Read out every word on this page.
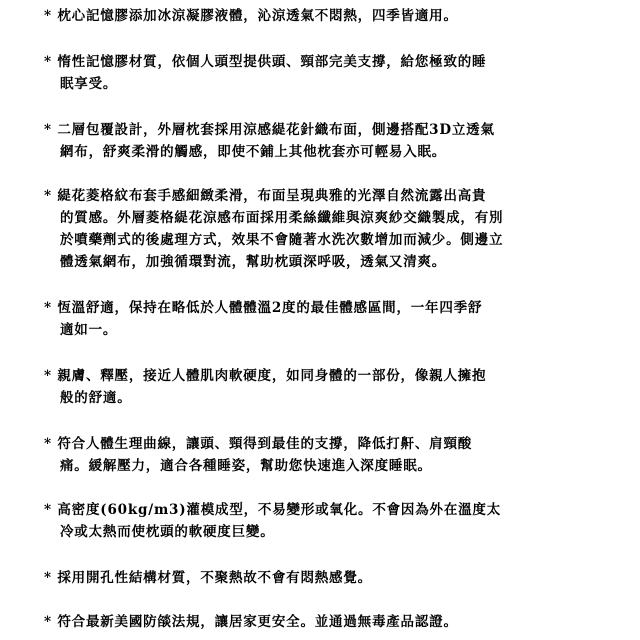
* 枕心記憶膠添加冰涼凝膠液體，沁涼透氣不悶熱，四季皆適用。
* 惰性記憶膠材質，依個人頭型提供頭、頸部完美支撐，給您極致的睡
眠享受。
* 二層包覆設計，外層枕套採用涼感緹花針織布面，側邊搭配3D立透氣
網布，舒爽柔滑的觸感，即使不鋪上其他枕套亦可輕易入眠。
* 緹花菱格紋布套手感細緻柔滑，布面呈現典雅的光澤自然流露出高貴
的質感。外層菱格緹花涼感布面採用柔絲纖維與涼爽紗交織製成，有別
於噴藥劑式的後處理方式，效果不會隨著水洗次數增加而減少。側邊立
體透氣網布，加強循環對流，幫助枕頭深呼吸，透氣又清爽。
* 恆溫舒適，保持在略低於人體體溫2度的最佳體感區間，一年四季舒
適如一。
* 親膚、釋壓，接近人體肌肉軟硬度，如同身體的一部份，像親人擁抱
般的舒適。
* 符合人體生理曲線，讓頭、頸得到最佳的支撐，降低打鼾、肩頸酸
痛。緩解壓力，適合各種睡姿，幫助您快速進入深度睡眠。
* 高密度(60kg/m3)灌模成型，不易變形或氧化。不會因為外在溫度太
冷或太熱而使枕頭的軟硬度巨變。
* 採用開孔性結構材質，不聚熱故不會有悶熱感覺。
* 符合最新美國防燄法規，讓居家更安全。並通過無毒產品認證。
